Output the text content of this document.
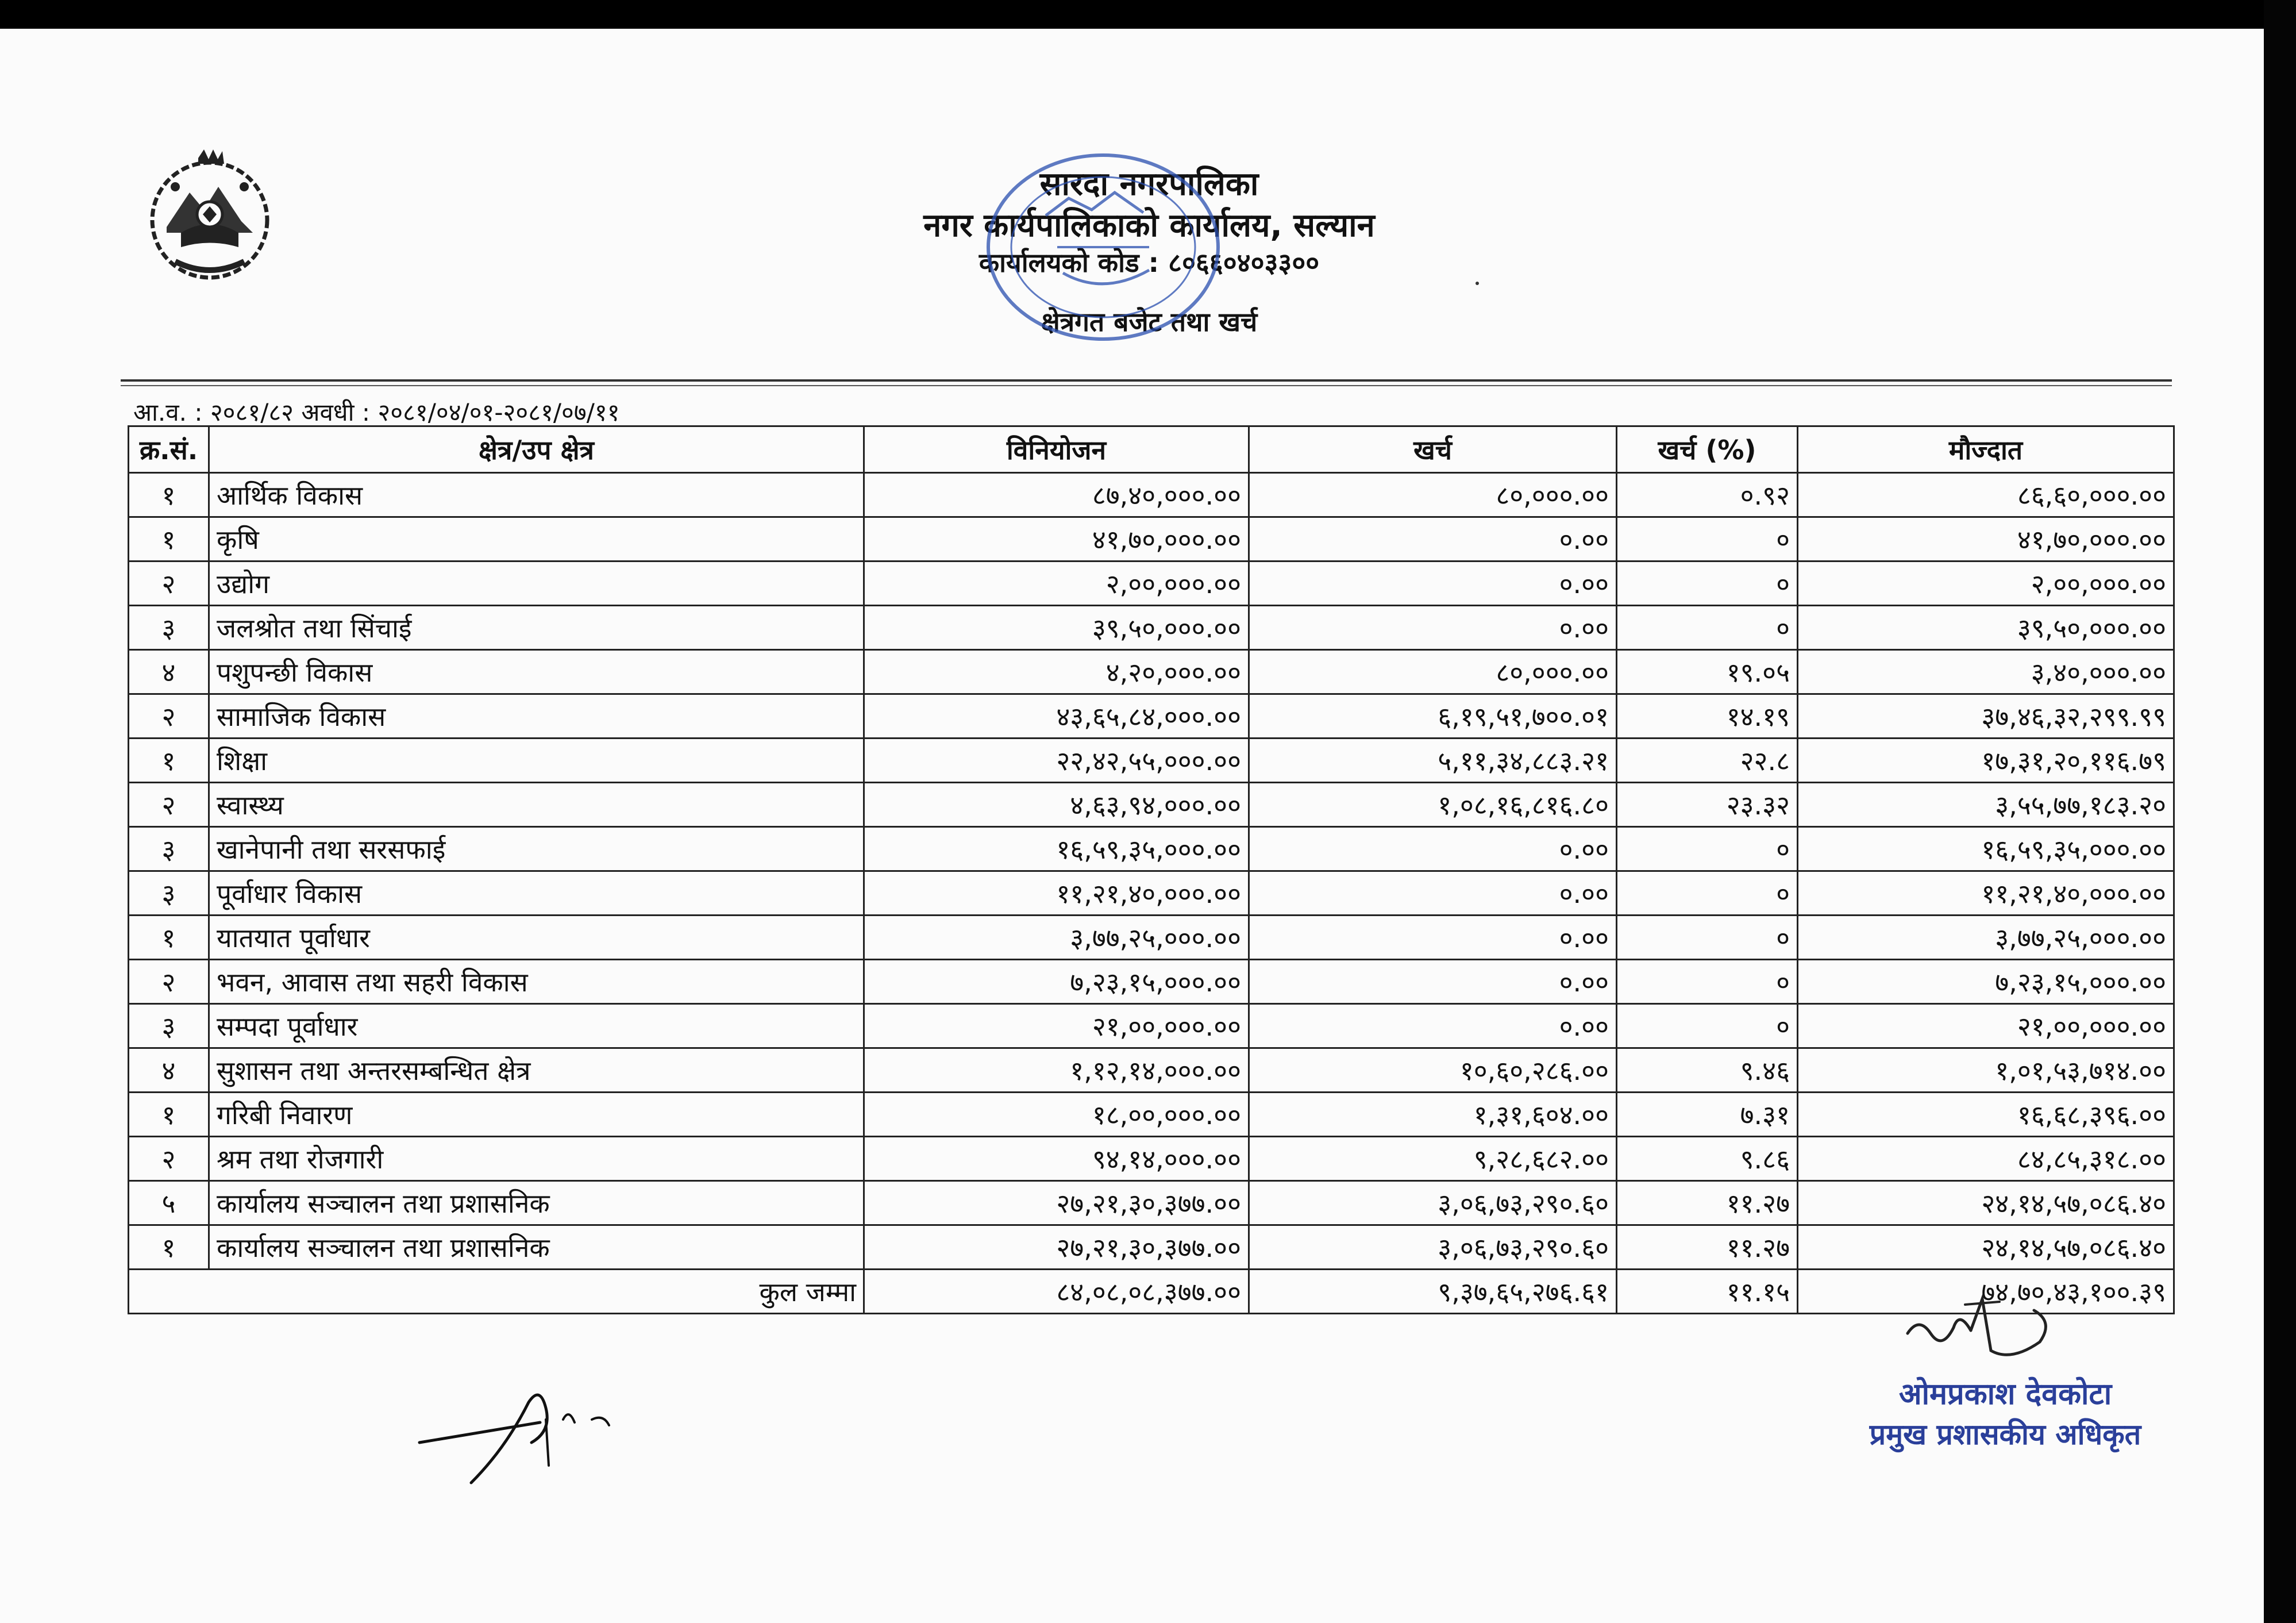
सारदा नगरपालिका
नगर कार्यपालिकाको कार्यालय, सल्यान
कार्यालयको कोड : ८०६६०४०३३००
क्षेत्रगत बजेट तथा खर्च
आ.व. : २०८१/८२ अवधी : २०८१/०४/०१-२०८१/०७/११
क्र.सं.	क्षेत्र/उप क्षेत्र	विनियोजन	खर्च	खर्च (%)	मौज्दात
१	आर्थिक विकास	८७,४०,०००.००	८०,०००.००	०.९२	८६,६०,०००.००
१	कृषि	४१,७०,०००.००	०.००	०	४१,७०,०००.००
२	उद्योग	२,००,०००.००	०.००	०	२,००,०००.००
३	जलश्रोत तथा सिंचाई	३९,५०,०००.००	०.००	०	३९,५०,०००.००
४	पशुपन्छी विकास	४,२०,०००.००	८०,०००.००	१९.०५	३,४०,०००.००
२	सामाजिक विकास	४३,६५,८४,०००.००	६,१९,५१,७००.०१	१४.१९	३७,४६,३२,२९९.९९
१	शिक्षा	२२,४२,५५,०००.००	५,११,३४,८८३.२१	२२.८	१७,३१,२०,११६.७९
२	स्वास्थ्य	४,६३,९४,०००.००	१,०८,१६,८१६.८०	२३.३२	३,५५,७७,१८३.२०
३	खानेपानी तथा सरसफाई	१६,५९,३५,०००.००	०.००	०	१६,५९,३५,०००.००
३	पूर्वाधार विकास	११,२१,४०,०००.००	०.००	०	११,२१,४०,०००.००
१	यातयात पूर्वाधार	३,७७,२५,०००.००	०.००	०	३,७७,२५,०००.००
२	भवन, आवास तथा सहरी विकास	७,२३,१५,०००.००	०.००	०	७,२३,१५,०००.००
३	सम्पदा पूर्वाधार	२१,००,०००.००	०.००	०	२१,००,०००.००
४	सुशासन तथा अन्तरसम्बन्धित क्षेत्र	१,१२,१४,०००.००	१०,६०,२८६.००	९.४६	१,०१,५३,७१४.००
१	गरिबी निवारण	१८,००,०००.००	१,३१,६०४.००	७.३१	१६,६८,३९६.००
२	श्रम तथा रोजगारी	९४,१४,०००.००	९,२८,६८२.००	९.८६	८४,८५,३१८.००
५	कार्यालय सञ्चालन तथा प्रशासनिक	२७,२१,३०,३७७.००	३,०६,७३,२९०.६०	११.२७	२४,१४,५७,०८६.४०
१	कार्यालय सञ्चालन तथा प्रशासनिक	२७,२१,३०,३७७.००	३,०६,७३,२९०.६०	११.२७	२४,१४,५७,०८६.४०
कुल जम्मा		८४,०८,०८,३७७.००	९,३७,६५,२७६.६१	११.१५	७४,७०,४३,१००.३९
ओमप्रकाश देवकोटा
प्रमुख प्रशासकीय अधिकृत
